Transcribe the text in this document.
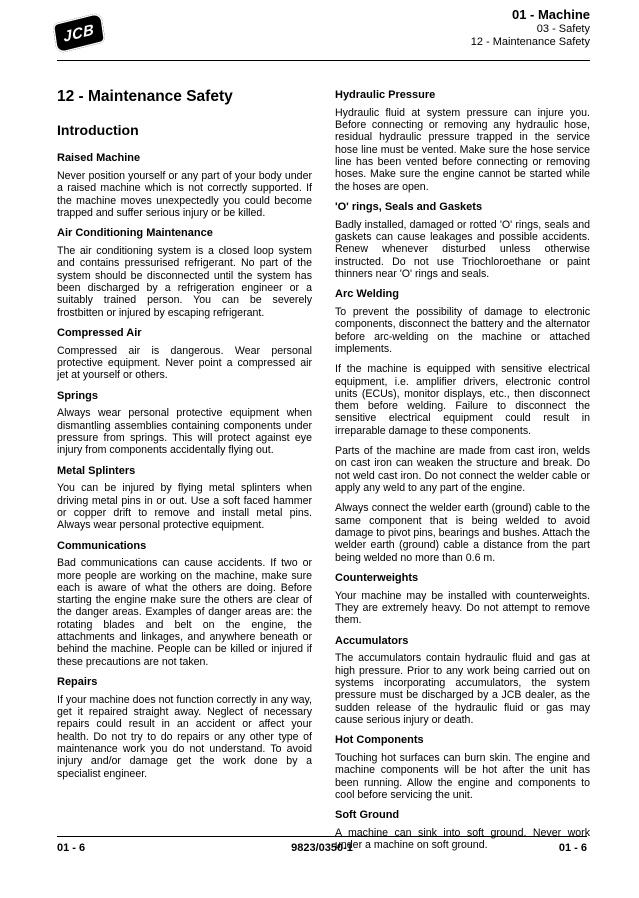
JCB
01 - Machine
03 - Safety
12 - Maintenance Safety
12 - Maintenance Safety
Introduction
Raised Machine

Never position yourself or any part of your body under a raised machine which is not correctly supported. If the machine moves unexpectedly you could become trapped and suffer serious injury or be killed.

Air Conditioning Maintenance

The air conditioning system is a closed loop system and contains pressurised refrigerant. No part of the system should be disconnected until the system has been discharged by a refrigeration engineer or a suitably trained person. You can be severely frostbitten or injured by escaping refrigerant.

Compressed Air

Compressed air is dangerous. Wear personal protective equipment. Never point a compressed air jet at yourself or others.

Springs

Always wear personal protective equipment when dismantling assemblies containing components under pressure from springs. This will protect against eye injury from components accidentally flying out.

Metal Splinters

You can be injured by flying metal splinters when driving metal pins in or out. Use a soft faced hammer or copper drift to remove and install metal pins. Always wear personal protective equipment.

Communications

Bad communications can cause accidents. If two or more people are working on the machine, make sure each is aware of what the others are doing. Before starting the engine make sure the others are clear of the danger areas. Examples of danger areas are: the rotating blades and belt on the engine, the attachments and linkages, and anywhere beneath or behind the machine. People can be killed or injured if these precautions are not taken.

Repairs

If your machine does not function correctly in any way, get it repaired straight away. Neglect of necessary repairs could result in an accident or affect your health. Do not try to do repairs or any other type of maintenance work you do not understand. To avoid injury and/or damage get the work done by a specialist engineer.

Hydraulic Pressure

Hydraulic fluid at system pressure can injure you. Before connecting or removing any hydraulic hose, residual hydraulic pressure trapped in the service hose line must be vented. Make sure the hose service line has been vented before connecting or removing hoses. Make sure the engine cannot be started while the hoses are open.

'O' rings, Seals and Gaskets

Badly installed, damaged or rotted 'O' rings, seals and gaskets can cause leakages and possible accidents. Renew whenever disturbed unless otherwise instructed. Do not use Triochloroethane or paint thinners near 'O' rings and seals.

Arc Welding

To prevent the possibility of damage to electronic components, disconnect the battery and the alternator before arc-welding on the machine or attached implements.

If the machine is equipped with sensitive electrical equipment, i.e. amplifier drivers, electronic control units (ECUs), monitor displays, etc., then disconnect them before welding. Failure to disconnect the sensitive electrical equipment could result in irreparable damage to these components.

Parts of the machine are made from cast iron, welds on cast iron can weaken the structure and break. Do not weld cast iron. Do not connect the welder cable or apply any weld to any part of the engine.

Always connect the welder earth (ground) cable to the same component that is being welded to avoid damage to pivot pins, bearings and bushes. Attach the welder earth (ground) cable a distance from the part being welded no more than 0.6 m.

Counterweights

Your machine may be installed with counterweights. They are extremely heavy. Do not attempt to remove them.

Accumulators

The accumulators contain hydraulic fluid and gas at high pressure. Prior to any work being carried out on systems incorporating accumulators, the system pressure must be discharged by a JCB dealer, as the sudden release of the hydraulic fluid or gas may cause serious injury or death.

Hot Components

Touching hot surfaces can burn skin. The engine and machine components will be hot after the unit has been running. Allow the engine and components to cool before servicing the unit.

Soft Ground

A machine can sink into soft ground. Never work under a machine on soft ground.

01 - 6	9823/0350-1	01 - 6
